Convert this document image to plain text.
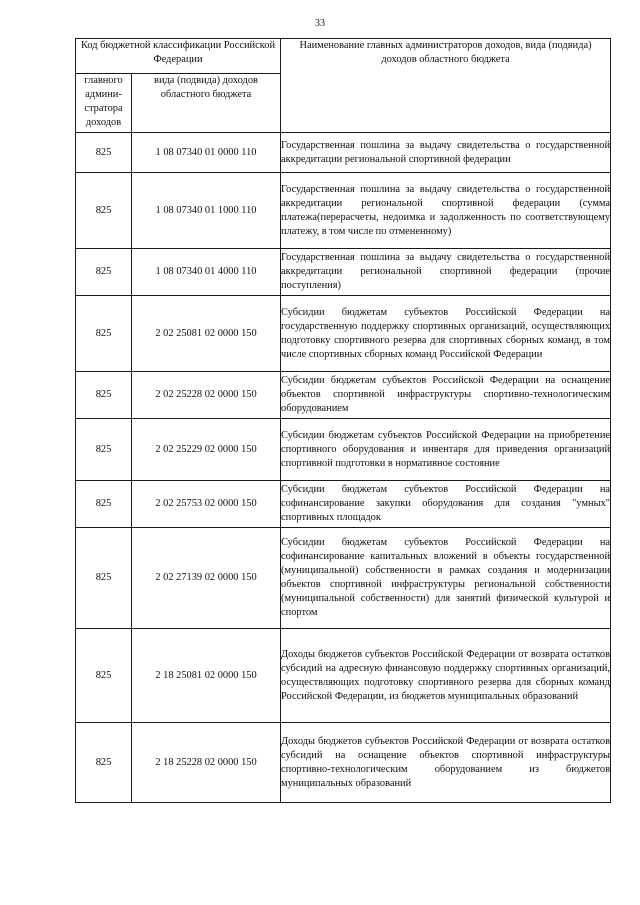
33
Код бюджетной классификации Российской Федерации		Наименование главных администраторов доходов, вида (подвида) доходов областного бюджета
главного админи-стратора доходов	вида (подвида) доходов областного бюджета	
825	1 08 07340 01 0000 110	Государственная пошлина за выдачу свидетельства о государственной аккредитации региональной спортивной федерации
825	1 08 07340 01 1000 110	Государственная пошлина за выдачу свидетельства о государственной аккредитации региональной спортивной федерации (сумма платежа(перерасчеты, недоимка и задолженность по соответствующему платежу, в том числе по отмененному)
825	1 08 07340 01 4000 110	Государственная пошлина за выдачу свидетельства о государственной аккредитации региональной спортивной федерации (прочие поступления)
825	2 02 25081 02 0000 150	Субсидии бюджетам субъектов Российской Федерации на государственную поддержку спортивных организаций, осуществляющих подготовку спортивного резерва для спортивных сборных команд, в том числе спортивных сборных команд Российской Федерации
825	2 02 25228 02 0000 150	Субсидии бюджетам субъектов Российской Федерации на оснащение объектов спортивной инфраструктуры спортивно-технологическим оборудованием
825	2 02 25229 02 0000 150	Субсидии бюджетам субъектов Российской Федерации на приобретение спортивного оборудования и инвентаря для приведения организаций спортивной подготовки в нормативное состояние
825	2 02 25753 02 0000 150	Субсидии бюджетам субъектов Российской Федерации на софинансирование закупки оборудования для создания "умных" спортивных площадок
825	2 02 27139 02 0000 150	Субсидии бюджетам субъектов Российской Федерации на софинансирование капитальных вложений в объекты государственной (муниципальной) собственности в рамках создания и модернизации объектов спортивной инфраструктуры региональной собственности (муниципальной собственности) для занятий физической культурой и спортом
825	2 18 25081 02 0000 150	Доходы бюджетов субъектов Российской Федерации от возврата остатков субсидий на адресную финансовую поддержку спортивных организаций, осуществляющих подготовку спортивного резерва для сборных команд Российской Федерации, из бюджетов муниципальных образований
825	2 18 25228 02 0000 150	Доходы бюджетов субъектов Российской Федерации от возврата остатков субсидий на оснащение объектов спортивной инфраструктуры спортивно-технологическим оборудованием из бюджетов муниципальных образований
